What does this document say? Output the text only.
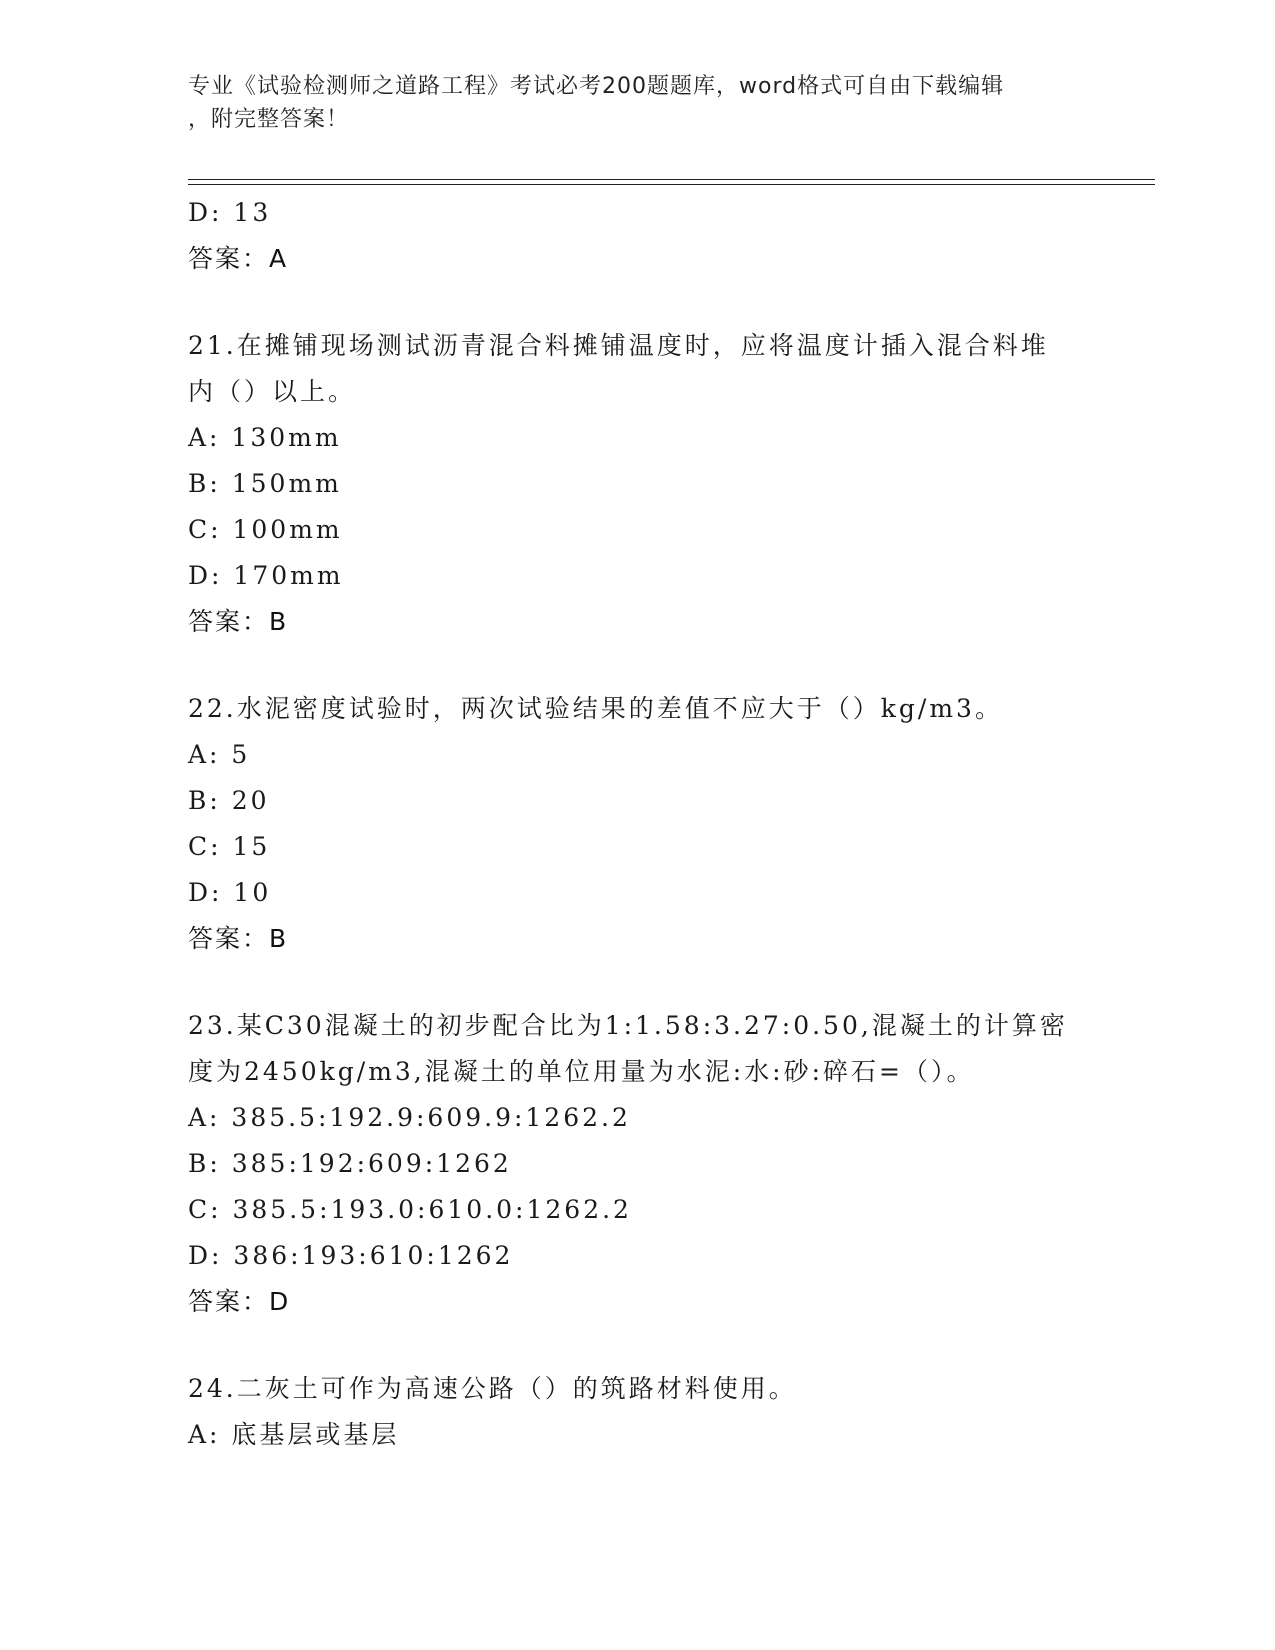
专业《试验检测师之道路工程》考试必考200题题库，word格式可自由下载编辑
，附完整答案！
D: 13
答案：A
21.在摊铺现场测试沥青混合料摊铺温度时，应将温度计插入混合料堆
内（）以上。
A: 130mm
B: 150mm
C: 100mm
D: 170mm
答案：B
22.水泥密度试验时，两次试验结果的差值不应大于（）kg/m3。
A: 5
B: 20
C: 15
D: 10
答案：B
23.某C30混凝土的初步配合比为1:1.58:3.27:0.50,混凝土的计算密
度为2450kg/m3,混凝土的单位用量为水泥:水:砂:碎石=（）。
A: 385.5:192.9:609.9:1262.2
B: 385:192:609:1262
C: 385.5:193.0:610.0:1262.2
D: 386:193:610:1262
答案：D
24.二灰土可作为高速公路（）的筑路材料使用。
A: 底基层或基层
